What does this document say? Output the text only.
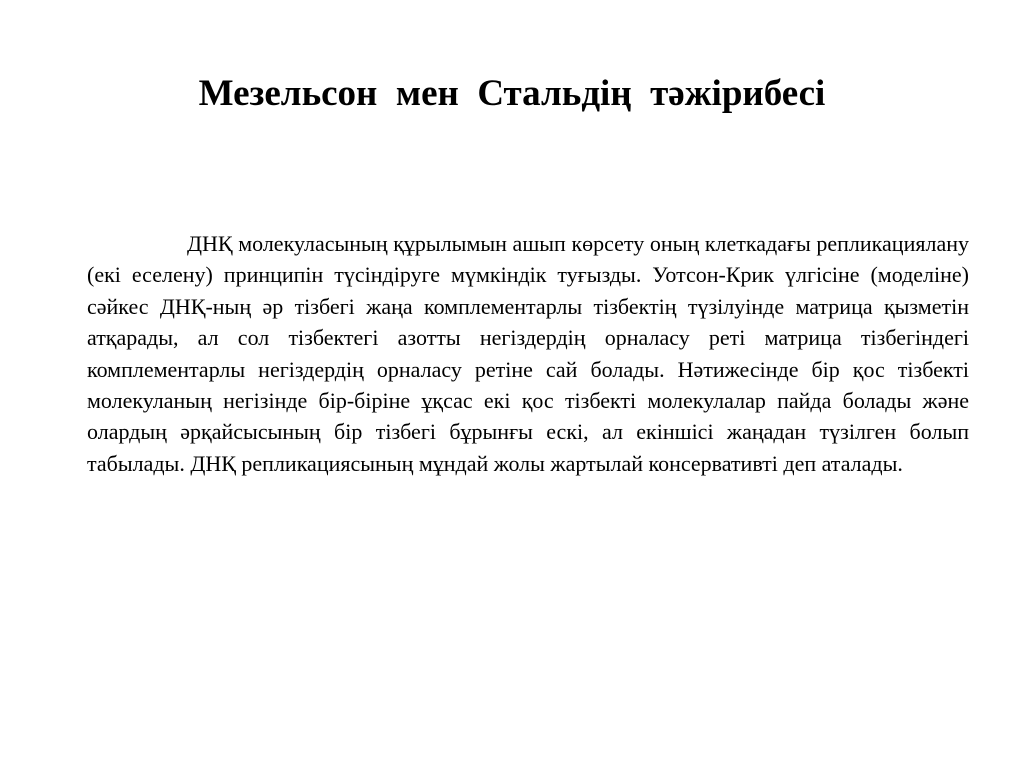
Мезельсон  мен  Стальдің  тәжірибесі

ДНҚ молекуласының құрылымын ашып көрсету оның клеткадағы репликациялану (екі еселену) принципін түсіндіруге мүмкіндік туғызды. Уотсон-Крик үлгісіне (моделіне) сәйкес ДНҚ-ның әр тізбегі жаңа комплементарлы тізбектің түзілуінде матрица қызметін атқарады, ал сол тізбектегі азотты негіздердің орналасу реті матрица тізбегіндегі комплементарлы негіздердің орналасу ретіне сай болады. Нәтижесінде бір қос тізбекті молекуланың негізінде бір-біріне ұқсас екі қос тізбекті молекулалар пайда болады және олардың әрқайсысының бір тізбегі бұрынғы ескі, ал екіншісі жаңадан түзілген болып табылады. ДНҚ репликациясының мұндай жолы жартылай консервативті деп аталады.
